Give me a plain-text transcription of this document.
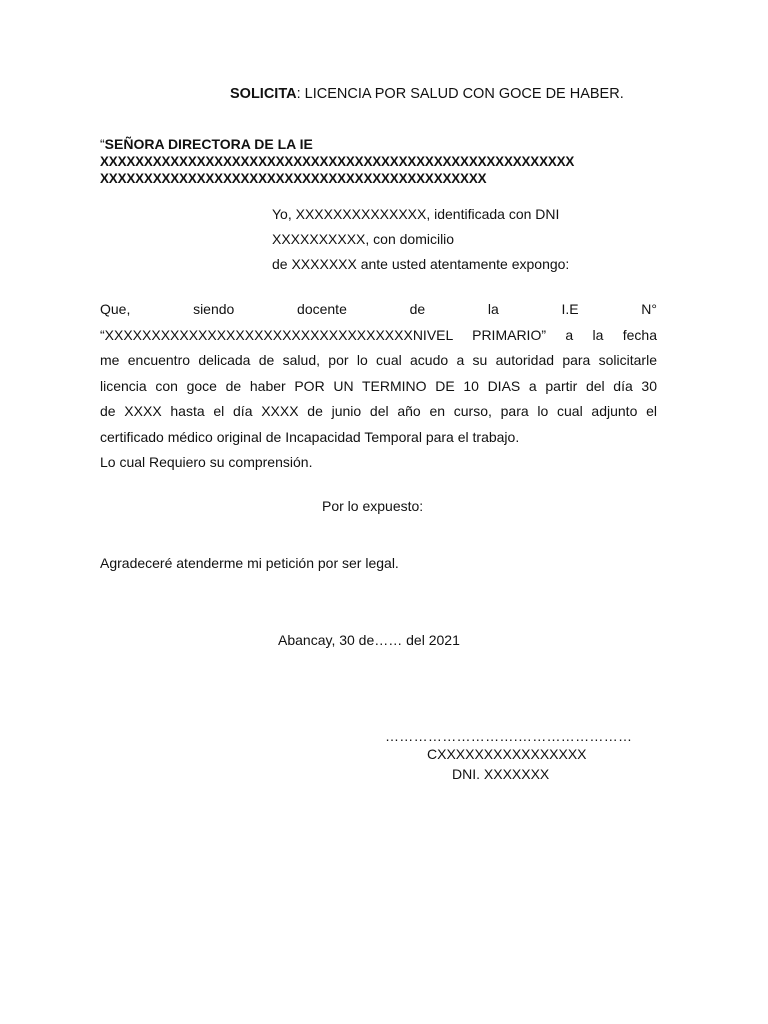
SOLICITA: LICENCIA POR SALUD CON GOCE DE HABER.
“SEÑORA DIRECTORA DE LA IE
XXXXXXXXXXXXXXXXXXXXXXXXXXXXXXXXXXXXXXXXXXXXXXXXXXXXXX
XXXXXXXXXXXXXXXXXXXXXXXXXXXXXXXXXXXXXXXXXXXX
Yo, XXXXXXXXXXXXXX, identificada con DNI
XXXXXXXXXX, con domicilio
de XXXXXXX ante usted atentamente expongo:
Que, siendo docente de la I.E N°
“XXXXXXXXXXXXXXXXXXXXXXXXXXXXXXXXXNIVEL PRIMARIO” a la fecha
me encuentro delicada de salud, por lo cual acudo a su autoridad para solicitarle
licencia con goce de haber POR UN TERMINO DE 10 DIAS a partir del día 30
de XXXX hasta el día XXXX de junio del año en curso, para lo cual adjunto el
certificado médico original de Incapacidad Temporal para el trabajo.
Lo cual Requiero su comprensión.
Por lo expuesto:
Agradeceré atenderme mi petición por ser legal.
Abancay, 30 de…… del 2021
……………………….……………………
CXXXXXXXXXXXXXXXX
DNI. XXXXXXX
